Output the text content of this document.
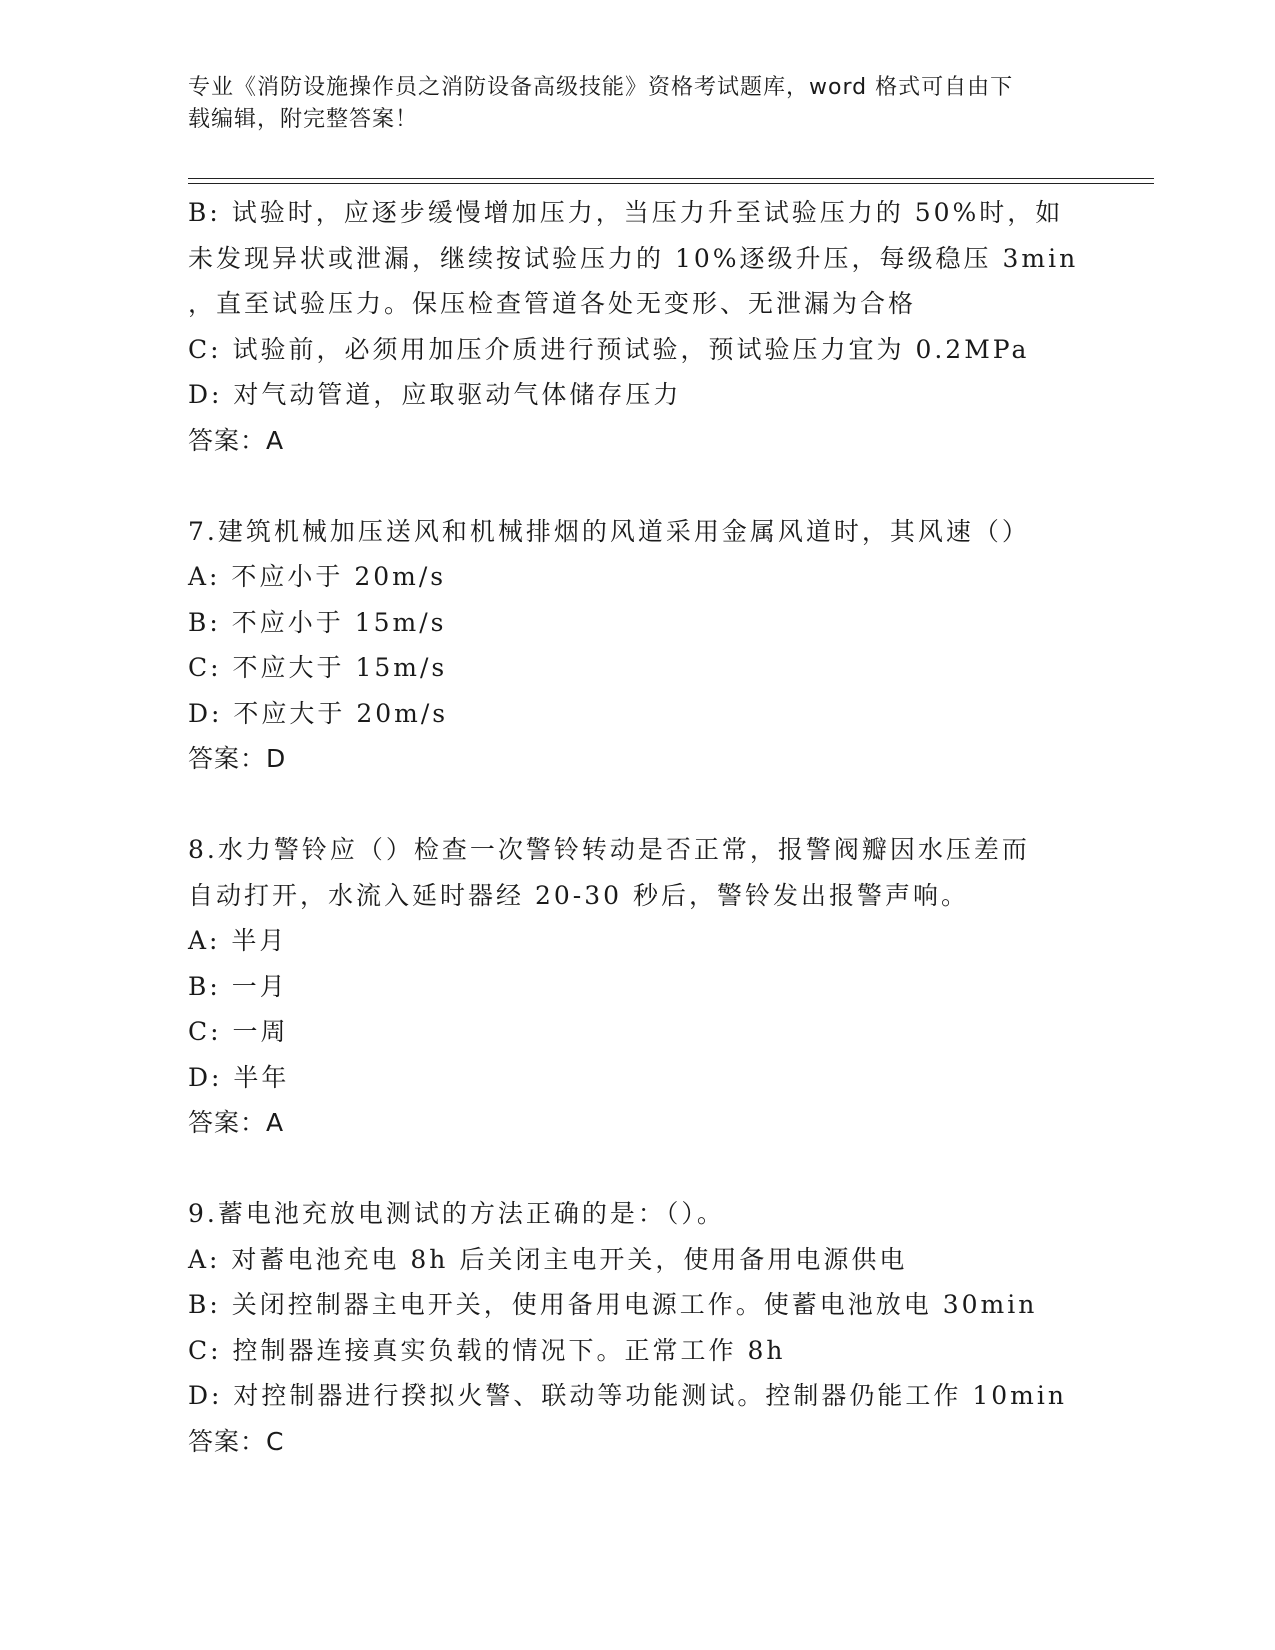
专业《消防设施操作员之消防设备高级技能》资格考试题库，word 格式可自由下
载编辑，附完整答案！
B: 试验时，应逐步缓慢增加压力，当压力升至试验压力的 50%时，如
未发现异状或泄漏，继续按试验压力的 10%逐级升压，每级稳压 3min
，直至试验压力。保压检查管道各处无变形、无泄漏为合格
C: 试验前，必须用加压介质进行预试验，预试验压力宜为 0.2MPa
D: 对气动管道，应取驱动气体储存压力
答案：A
7.建筑机械加压送风和机械排烟的风道采用金属风道时，其风速（）
A: 不应小于 20m/s
B: 不应小于 15m/s
C: 不应大于 15m/s
D: 不应大于 20m/s
答案：D
8.水力警铃应（）检查一次警铃转动是否正常，报警阀瓣因水压差而
自动打开，水流入延时器经 20-30 秒后，警铃发出报警声响。
A: 半月
B: 一月
C: 一周
D: 半年
答案：A
9.蓄电池充放电测试的方法正确的是：（）。
A: 对蓄电池充电 8h 后关闭主电开关，使用备用电源供电
B: 关闭控制器主电开关，使用备用电源工作。使蓄电池放电 30min
C: 控制器连接真实负载的情况下。正常工作 8h
D: 对控制器进行揆拟火警、联动等功能测试。控制器仍能工作 10min
答案：C
